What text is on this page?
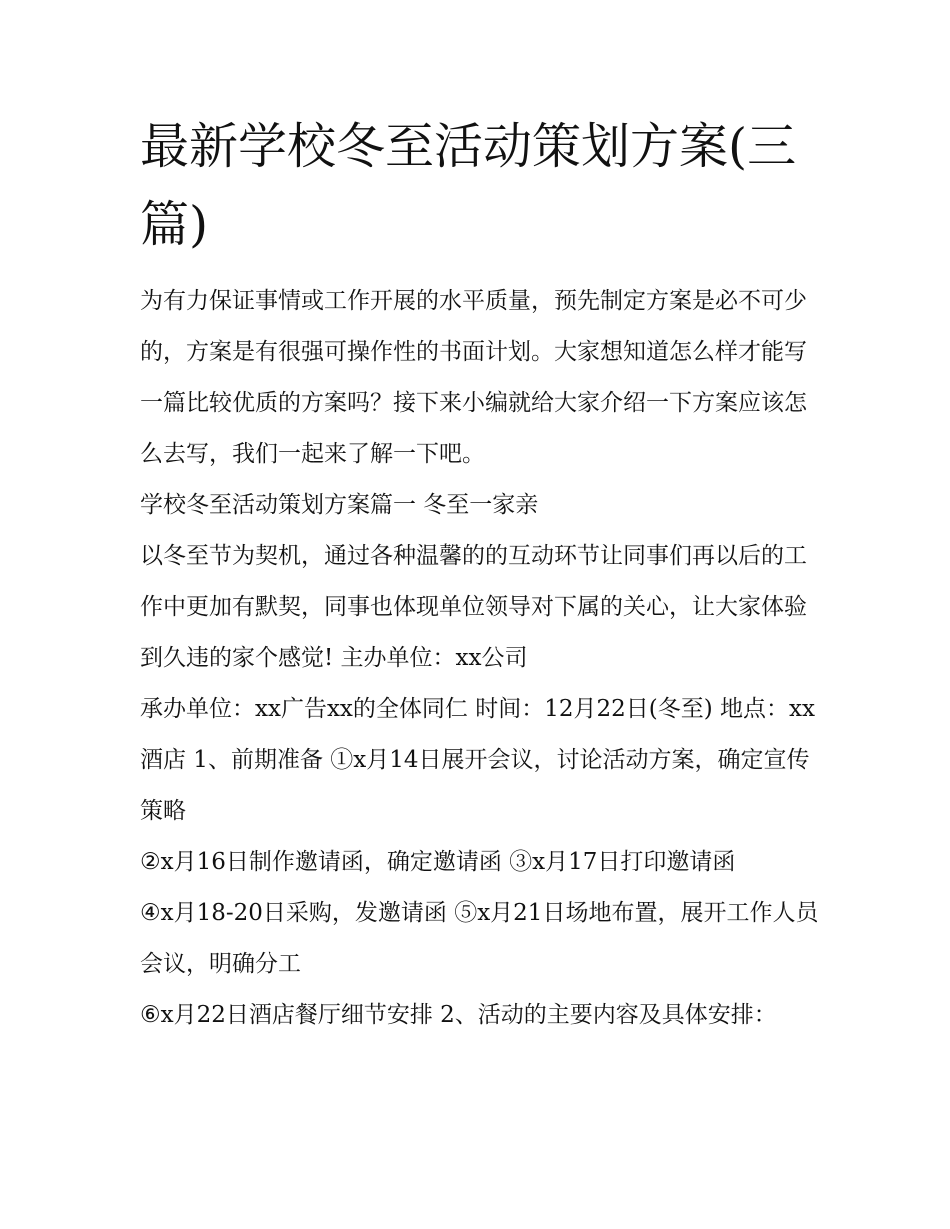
最新学校冬至活动策划方案(三篇)

为有力保证事情或工作开展的水平质量，预先制定方案是必不可少的，方案是有很强可操作性的书面计划。大家想知道怎么样才能写一篇比较优质的方案吗？接下来小编就给大家介绍一下方案应该怎么去写，我们一起来了解一下吧。

学校冬至活动策划方案篇一 冬至一家亲

以冬至节为契机，通过各种温馨的的互动环节让同事们再以后的工作中更加有默契，同事也体现单位领导对下属的关心，让大家体验到久违的家个感觉! 主办单位：xx公司

承办单位：xx广告xx的全体同仁 时间：12月22日(冬至) 地点：xx酒店 1、前期准备 ①x月14日展开会议，讨论活动方案，确定宣传策略

②x月16日制作邀请函，确定邀请函 ③x月17日打印邀请函

④x月18-20日采购，发邀请函 ⑤x月21日场地布置，展开工作人员会议，明确分工

⑥x月22日酒店餐厅细节安排 2、活动的主要内容及具体安排：
